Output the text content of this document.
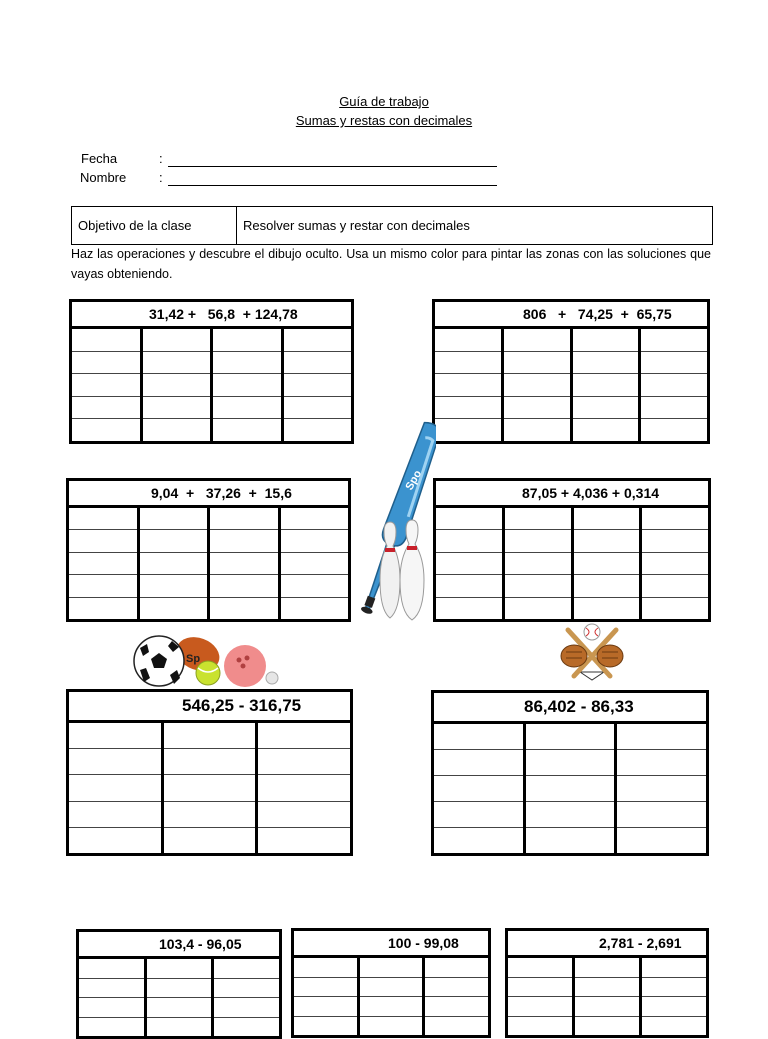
Guía de trabajo
Sumas y restas con decimales
Fecha	:
Nombre	:
Objetivo de la clase	Resolver sumas y restar con decimales
Haz las operaciones y descubre el dibujo oculto. Usa un mismo color para pintar las zonas con las soluciones que vayas obteniendo.
31,42 +   56,8  + 124,78	806   +   74,25  +  65,75
9,04  +   37,26  +  15,6	87,05 + 4,036 + 0,314
546,25 - 316,75	86,402 - 86,33
103,4 - 96,05	100 - 99,08	2,781 - 2,691
Spo
Sp
